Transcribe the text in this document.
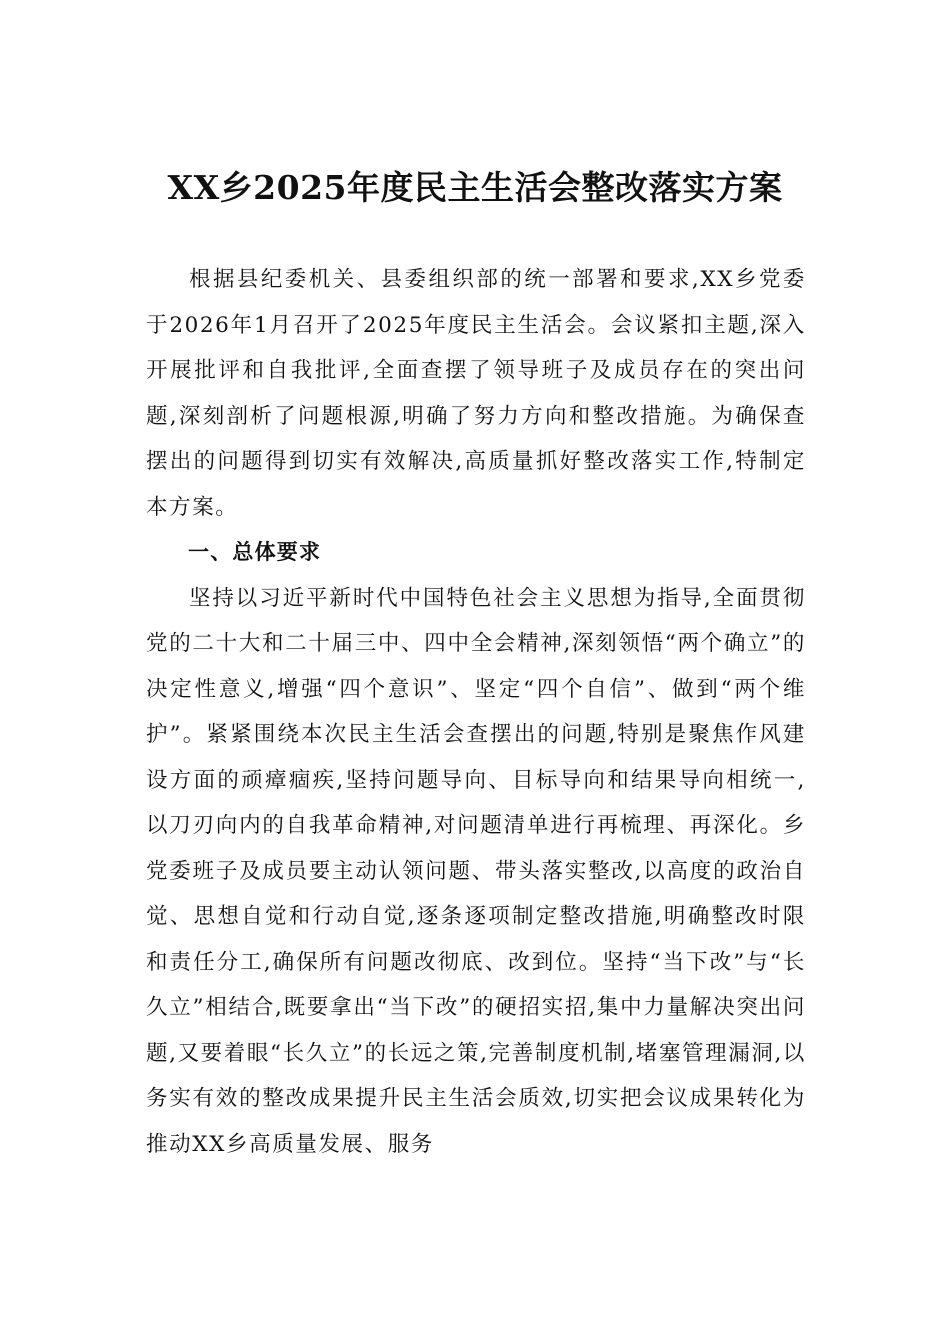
XX乡2025年度民主生活会整改落实方案

根据县纪委机关、县委组织部的统一部署和要求,XX乡党委于2026年1月召开了2025年度民主生活会。会议紧扣主题,深入开展批评和自我批评,全面查摆了领导班子及成员存在的突出问题,深刻剖析了问题根源,明确了努力方向和整改措施。为确保查摆出的问题得到切实有效解决,高质量抓好整改落实工作,特制定本方案。

一、总体要求

坚持以习近平新时代中国特色社会主义思想为指导,全面贯彻党的二十大和二十届三中、四中全会精神,深刻领悟“两个确立”的决定性意义,增强“四个意识”、坚定“四个自信”、做到“两个维护”。紧紧围绕本次民主生活会查摆出的问题,特别是聚焦作风建设方面的顽瘴痼疾,坚持问题导向、目标导向和结果导向相统一,以刀刃向内的自我革命精神,对问题清单进行再梳理、再深化。乡党委班子及成员要主动认领问题、带头落实整改,以高度的政治自觉、思想自觉和行动自觉,逐条逐项制定整改措施,明确整改时限和责任分工,确保所有问题改彻底、改到位。坚持“当下改”与“长久立”相结合,既要拿出“当下改”的硬招实招,集中力量解决突出问题,又要着眼“长久立”的长远之策,完善制度机制,堵塞管理漏洞,以务实有效的整改成果提升民主生活会质效,切实把会议成果转化为推动XX乡高质量发展、服务
